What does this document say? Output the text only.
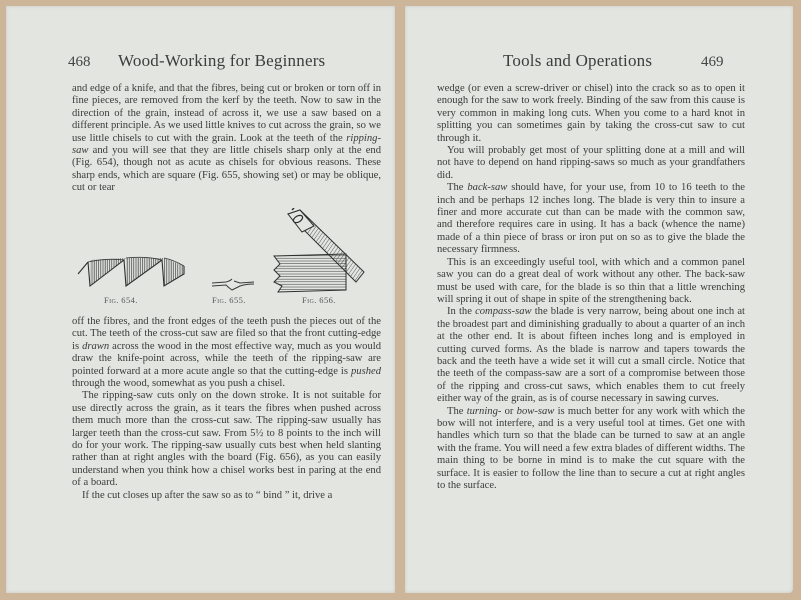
468 Wood-Working for Beginners

and edge of a knife, and that the fibres, being cut or broken or torn off in fine pieces, are removed from the kerf by the teeth. Now to saw in the direction of the grain, instead of across it, we use a saw based on a different principle. As we used little knives to cut across the grain, so we use little chisels to cut with the grain. Look at the teeth of the ripping-saw and you will see that they are little chisels sharp only at the end (Fig. 654), though not as acute as chisels for obvious reasons. These sharp ends, which are square (Fig. 655, showing set) or may be oblique, cut or tear

Fig. 654.	Fig. 655.	Fig. 656.

off the fibres, and the front edges of the teeth push the pieces out of the cut. The teeth of the cross-cut saw are filed so that the front cutting-edge is drawn across the wood in the most effective way, much as you would draw the knife-point across, while the teeth of the ripping-saw are pointed forward at a more acute angle so that the cutting-edge is pushed through the wood, somewhat as you push a chisel.

The ripping-saw cuts only on the down stroke. It is not suitable for use directly across the grain, as it tears the fibres when pushed across them much more than the cross-cut saw. The ripping-saw usually has larger teeth than the cross-cut saw. From 5½ to 8 points to the inch will do for your work. The ripping-saw usually cuts best when held slanting rather than at right angles with the board (Fig. 656), as you can easily understand when you think how a chisel works best in paring at the end of a board.

If the cut closes up after the saw so as to “ bind ” it, drive a

Tools and Operations	469

wedge (or even a screw-driver or chisel) into the crack so as to open it enough for the saw to work freely. Binding of the saw from this cause is very common in making long cuts. When you come to a hard knot in splitting you can sometimes gain by taking the cross-cut saw to cut through it.

You will probably get most of your splitting done at a mill and will not have to depend on hand ripping-saws so much as your grandfathers did.

The back-saw should have, for your use, from 10 to 16 teeth to the inch and be perhaps 12 inches long. The blade is very thin to insure a finer and more accurate cut than can be made with the common saw, and therefore requires care in using. It has a back (whence the name) made of a thin piece of brass or iron put on so as to give the blade the necessary firmness.

This is an exceedingly useful tool, with which and a common panel saw you can do a great deal of work without any other. The back-saw must be used with care, for the blade is so thin that a little wrenching will spring it out of shape in spite of the strengthening back.

In the compass-saw the blade is very narrow, being about one inch at the broadest part and diminishing gradually to about a quarter of an inch at the other end. It is about fifteen inches long and is employed in cutting curved forms. As the blade is narrow and tapers towards the back and the teeth have a wide set it will cut a small circle. Notice that the teeth of the compass-saw are a sort of a compromise between those of the ripping and cross-cut saws, which enables them to cut freely either way of the grain, as is of course necessary in sawing curves.

The turning- or bow-saw is much better for any work with which the bow will not interfere, and is a very useful tool at times. Get one with handles which turn so that the blade can be turned to saw at an angle with the frame. You will need a few extra blades of different widths. The main thing to be borne in mind is to make the cut square with the surface. It is easier to follow the line than to secure a cut at right angles to the surface.
